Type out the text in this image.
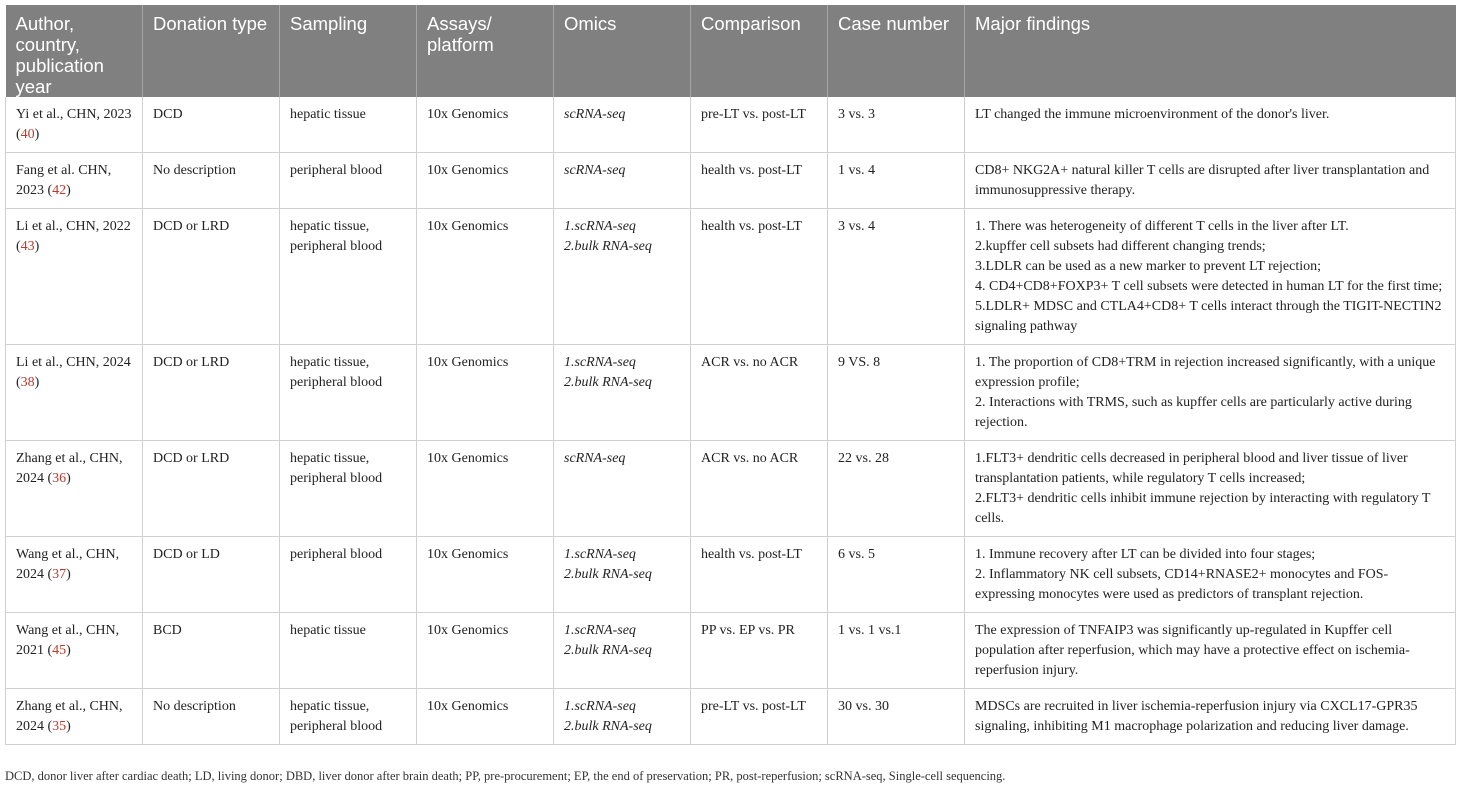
Author, country, publication year	Donation type	Sampling	Assays/ platform	Omics	Comparison	Case number	Major findings
Yi et al., CHN, 2023 (40)	DCD	hepatic tissue	10x Genomics	scRNA-seq	pre-LT vs. post-LT	3 vs. 3	LT changed the immune microenvironment of the donor's liver.

Fang et al. CHN, 2023 (42)	No description	peripheral blood	10x Genomics	scRNA-seq	health vs. post-LT	1 vs. 4	CD8+ NKG2A+ natural killer T cells are disrupted after liver transplantation and immunosuppressive therapy.

Li et al., CHN, 2022 (43)	DCD or LRD	hepatic tissue,
peripheral blood	10x Genomics	1.scRNA-seq
2.bulk RNA-seq	health vs. post-LT	3 vs. 4	1. There was heterogeneity of different T cells in the liver after LT.
2.kupffer cell subsets had different changing trends;
3.LDLR can be used as a new marker to prevent LT rejection;
4. CD4+CD8+FOXP3+ T cell subsets were detected in human LT for the first time;
5.LDLR+ MDSC and CTLA4+CD8+ T cells interact through the TIGIT-NECTIN2 signaling pathway

Li et al., CHN, 2024 (38)	DCD or LRD	hepatic tissue,
peripheral blood	10x Genomics	1.scRNA-seq
2.bulk RNA-seq	ACR vs. no ACR	9 VS. 8	1. The proportion of CD8+TRM in rejection increased significantly, with a unique expression profile;
2. Interactions with TRMS, such as kupffer cells are particularly active during rejection.

Zhang et al., CHN, 2024 (36)	DCD or LRD	hepatic tissue,
peripheral blood	10x Genomics	scRNA-seq	ACR vs. no ACR	22 vs. 28	1.FLT3+ dendritic cells decreased in peripheral blood and liver tissue of liver transplantation patients, while regulatory T cells increased;
2.FLT3+ dendritic cells inhibit immune rejection by interacting with regulatory T cells.

Wang et al., CHN, 2024 (37)	DCD or LD	peripheral blood	10x Genomics	1.scRNA-seq
2.bulk RNA-seq	health vs. post-LT	6 vs. 5	1. Immune recovery after LT can be divided into four stages;
2. Inflammatory NK cell subsets, CD14+RNASE2+ monocytes and FOS-expressing monocytes were used as predictors of transplant rejection.

Wang et al., CHN, 2021 (45)	BCD	hepatic tissue	10x Genomics	1.scRNA-seq
2.bulk RNA-seq	PP vs. EP vs. PR	1 vs. 1 vs.1	The expression of TNFAIP3 was significantly up-regulated in Kupffer cell population after reperfusion, which may have a protective effect on ischemia-reperfusion injury.

Zhang et al., CHN, 2024 (35)	No description	hepatic tissue,
peripheral blood	10x Genomics	1.scRNA-seq
2.bulk RNA-seq	pre-LT vs. post-LT	30 vs. 30	MDSCs are recruited in liver ischemia-reperfusion injury via CXCL17-GPR35 signaling, inhibiting M1 macrophage polarization and reducing liver damage.
DCD, donor liver after cardiac death; LD, living donor; DBD, liver donor after brain death; PP, pre-procurement; EP, the end of preservation; PR, post-reperfusion; scRNA-seq, Single-cell sequencing.
